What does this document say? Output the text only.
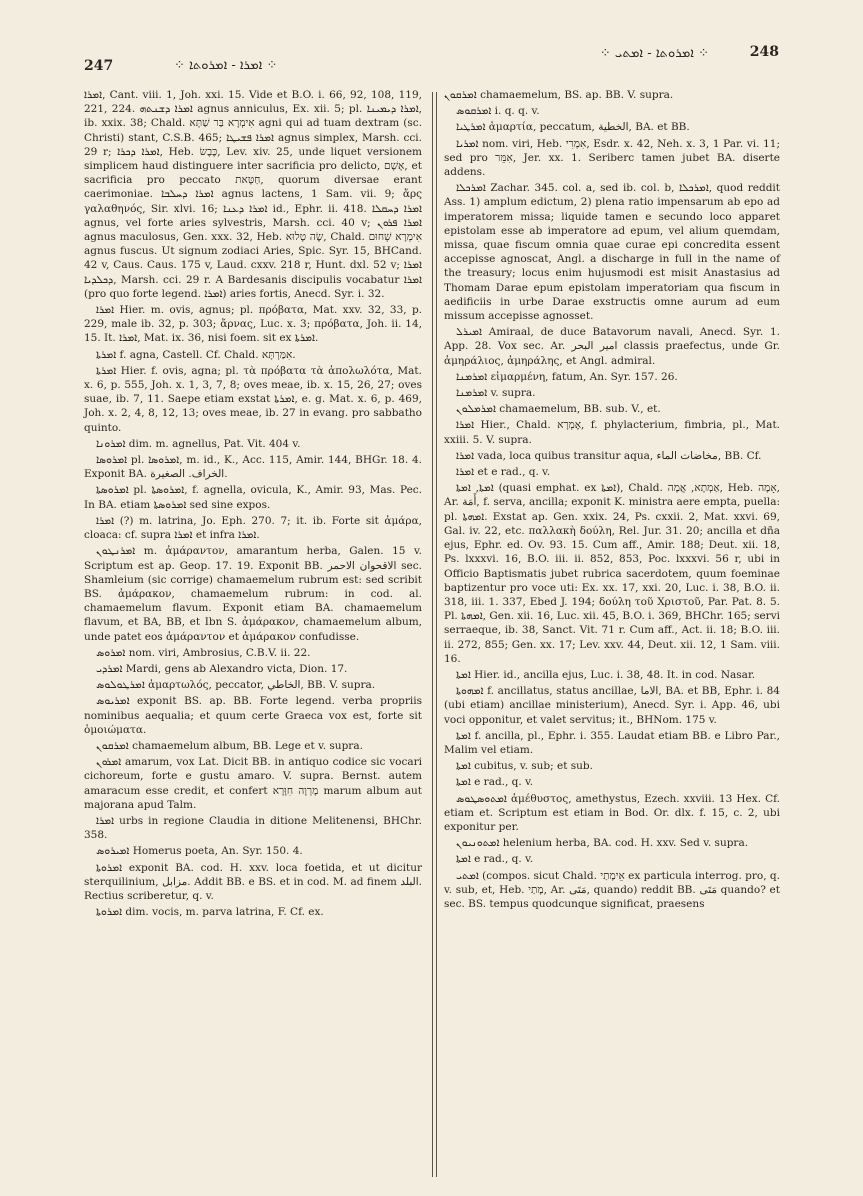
247	⁘ ܐܡܪܐ - ܐܡܪܘܬܐ ⁘
⁘ ܐܡܪܘܬܐ - ܐܡܬܝ ⁘	248

ܐܡܪܐ, Cant. viii. 1, Joh. xxi. 15. Vide et B.O. i. 66, 92, 108, 119, 221, 224. ܐܡܪܐ ܕܫܢܬܗ agnus anniculus, Ex. xii. 5; pl. ܐܡܪܐ ܕܝܡܝܢܐ, ib. xxix. 38; Chald. אִימְרָא בַּר שַׁתָּא agni qui ad tuam dextram (sc. Christi) stant, C.S.B. 465; ܐܡܪܐ ܦܫܝܛܐ agnus simplex, Marsh. cci. 29 r; ܐܡܪܐ ܕܟܪܐ, Heb. כֶּבֶשׂ, Lev. xiv. 25, unde liquet versionem simplicem haud distinguere inter sacrificia pro delicto, אָשָׁם, et sacrificia pro peccato חַטָּאת, quorum diversae erant caerimoniae. ܐܡܪܐ ܕܚܠܒܐ agnus lactens, 1 Sam. vii. 9; ἄρς γαλαθηνός, Sir. xlvi. 16; ܐܡܪܐ ܕܥܢܐ id., Ephr. ii. 418. ܐܡܪܐ ܕܚܩܠܐ agnus, vel forte aries sylvestris, Marsh. cci. 40 v; ܐܡܪܐ ܦܪܘܢ agnus maculosus, Gen. xxx. 32, Heb. שֶׂה טָלוּא, Chald. אִימְרָא שְׁחוּם agnus fuscus. Ut signum zodiaci Aries, Spic. Syr. 15, BHCand. 42 v, Caus. Caus. 175 v, Laud. cxxv. 218 r, Hunt. dxl. 52 v; ܐܡܪܐ ܕܟܠܕܝܐ, Marsh. cci. 29 r. A Bardesanis discipulis vocabatur ܐܡܪܐ (pro quo forte legend. ܐܡܪܐ) aries fortis, Anecd. Syr. i. 32.

ܐܡܪܐ Hier. m. ovis, agnus; pl. πρόβατα, Mat. xxv. 32, 33, p. 229, male ib. 32, p. 303; ἄρνας, Luc. x. 3; πρόβατα, Joh. ii. 14, 15. It. ܐܡܪܐ, Mat. ix. 36, nisi foem. sit ex ܐܡܪܬܐ.

ܐܡܪܬܐ f. agna, Castell. Cf. Chald. אִמַּרְתָּא.

ܐܡܪܬܐ Hier. f. ovis, agna; pl. τὰ πρόβατα τὰ ἀπολωλότα, Mat. x. 6, p. 555, Joh. x. 1, 3, 7, 8; oves meae, ib. x. 15, 26, 27; oves suae, ib. 7, 11. Saepe etiam exstat ܐܡܪܬܐ, e. g. Mat. x. 6, p. 469, Joh. x. 2, 4, 8, 12, 13; oves meae, ib. 27 in evang. pro sabbatho quinto.

ܐܡܪܘܢܐ dim. m. agnellus, Pat. Vit. 404 v.

ܐܡܪܘܣܐ pl. ܐܡܪܘܣܐ, m. id., K., Acc. 115, Amir. 144, BHGr. 18. 4. Exponit BA. الخراف. الصغيرة.

ܐܡܪܘܣܬܐ pl. ܐܡܪܘܣܬܐ, f. agnella, ovicula, K., Amir. 93, Mas. Pec. In BA. etiam ܐܡܪܘܣܬܐ sed sine expos.

ܐܡܪܐ (?) m. latrina, Jo. Eph. 270. 7; it. ib. Forte sit ἀμάρα, cloaca: cf. supra ܐܡܪܐ et infra ܐܡܪܐ.

ܐܡܪܢܛܘܢ m. ἀμάραντον, amarantum herba, Galen. 15 v. Scriptum est ap. Geop. 17. 19. Exponit BB. الاقحوان الاحمر sec. Shamleium (sic corrige) chamaemelum rubrum est: sed scribit BS. ἀμάρακον, chamaemelum rubrum: in cod. al. chamaemelum flavum. Exponit etiam BA. chamaemelum flavum, et BA, BB, et Ibn S. ἀμάρακον, chamaemelum album, unde patet eos ἀμάραντον et ἀμάρακον confudisse.

ܐܡܪܘܣ nom. viri, Ambrosius, C.B.V. ii. 22.

ܐܡܪܕܝ Mardi, gens ab Alexandro victa, Dion. 17.

ܐܡܪܛܘܠܘܣ ἁμαρτωλός, peccator, الخاطي, BB. V. supra.

ܐܡܪܝܘܣ exponit BS. ap. BB. Forte legend. verba propriis nominibus aequalia; et quum certe Graeca vox est, forte sit ὁμοιώματα.

ܐܡܪܩܘܢ chamaemelum album, BB. Lege et v. supra.

ܐܡܪܘܢ amarum, vox Lat. Dicit BB. in antiquo codice sic vocari cichoreum, forte e gustu amaro. V. supra. Bernst. autem amaracum esse credit, et confert מָרְוָה חִוָּרָא marum album aut majorana apud Talm.

ܐܡܪܐ urbs in regione Claudia in ditione Melitenensi, BHChr. 358.

ܐܡܝܪܘܣ Homerus poeta, An. Syr. 150. 4.

ܐܡܪܘܬܐ exponit BA. cod. H. xxv. loca foetida, et ut dicitur sterquilinium, مزابل. Addit BB. e BS. et in cod. M. ad finem البلد. Rectius scriberetur, q. v.

ܐܡܪܘܬܐ dim. vocis, m. parva latrina, F. Cf. ex.

ܐܡܪܩܘܢ chamaemelum, BS. ap. BB. V. supra.

ܐܡܪܩܘܣ i. q. q. v.

ܐܡܪܛܝܐ ἁμαρτία, peccatum, الخطية, BA. et BB.

ܐܡܪܝܐ nom. viri, Heb. אִמְרִי, Esdr. x. 42, Neh. x. 3, 1 Par. vi. 11; sed pro אִמֵּר, Jer. xx. 1. Seriberc tamen jubet BA. diserte addens.

ܐܡܪܟܠܐ Zachar. 345. col. a, sed ib. col. b, ܐܡܪܟܠܐ, quod reddit Ass. 1) amplum edictum, 2) plena ratio impensarum ab epo ad imperatorem missa; liquide tamen e secundo loco apparet epistolam esse ab imperatore ad epum, vel alium quemdam, missa, quae fiscum omnia quae curae epi concredita essent accepisse agnoscat, Angl. a discharge in full in the name of the treasury; locus enim hujusmodi est misit Anastasius ad Thomam Darae epum epistolam imperatoriam qua fiscum in aedificiis in urbe Darae exstructis omne aurum ad eum missum accepisse agnosset.

ܐܡܝܪܠ Amiraal, de duce Batavorum navali, Anecd. Syr. 1. App. 28. Vox sec. Ar. امير البحر classis praefectus, unde Gr. ἀμηράλιος, ἀμηράλης, et Angl. admiral.

ܐܡܪܡܢܐ εἱμαρμένη, fatum, An. Syr. 157. 26.

ܐܡܪܡܢܐ v. supra.

ܐܡܪܡܠܘܢ chamaemelum, BB. sub. V., et.

ܐܡܪܐ Hier., Chald. אֶמְרָא, f. phylacterium, fimbria, pl., Mat. xxiii. 5. V. supra.

ܐܡܪܐ vada, loca quibus transitur aqua, مخاضات الماء, BB. Cf.

ܐܡܪܐ et e rad., q. v.

ܐܡܬܐ, ܐܡܬܐ (quasi emphat. ex ܐܡܬܐ), Chald. אַמְתָא, אֲמָה, Heb. אָמָה, Ar. أَمَة, f. serva, ancilla; exponit K. ministra aere empta, puella: pl. ܐܡܗܬܐ. Exstat ap. Gen. xxix. 24, Ps. cxxii. 2, Mat. xxvi. 69, Gal. iv. 22, etc. παλλακὴ δούλη, Rel. Jur. 31. 20; ancilla et dña ejus, Ephr. ed. Ov. 93. 15. Cum aff., Amir. 188; Deut. xii. 18, Ps. lxxxvi. 16, B.O. iii. ii. 852, 853, Poc. lxxxvi. 56 r, ubi in Officio Baptismatis jubet rubrica sacerdotem, quum foeminae baptizentur pro voce uti: Ex. xx. 17, xxi. 20, Luc. i. 38, B.O. ii. 318, iii. 1. 337, Ebed J. 194; δούλη τοῦ Χριστοῦ, Par. Pat. 8. 5. Pl. ܐܡܗܬܐ, Gen. xii. 16, Luc. xii. 45, B.O. i. 369, BHChr. 165; servi serraeque, ib. 38, Sanct. Vit. 71 r. Cum aff., Act. ii. 18; B.O. iii. ii. 272, 855; Gen. xx. 17; Lev. xxv. 44, Deut. xii. 12, 1 Sam. viii. 16.

ܐܡܬܐ Hier. id., ancilla ejus, Luc. i. 38, 48. It. in cod. Nasar.

ܐܡܗܘܬܐ f. ancillatus, status ancillae, الاما, BA. et BB, Ephr. i. 84 (ubi etiam) ancillae ministerium), Anecd. Syr. i. App. 46, ubi voci opponitur, et valet servitus; it., BHNom. 175 v.

ܐܡܬܐ f. ancilla, pl., Ephr. i. 355. Laudat etiam BB. e Libro Par., Malim vel etiam.

ܐܡܬܐ cubitus, v. sub; et sub.

ܐܡܬܐ e rad., q. v.

ܐܡܬܘܣܛܘܣ ἀμέθυστος, amethystus, Ezech. xxviii. 13 Hex. Cf. etiam et. Scriptum est etiam in Bod. Or. dlx. f. 15, c. 2, ubi exponitur per.

ܐܡܬܘܢܝܘܢ helenium herba, BA. cod. H. xxv. Sed v. supra.

ܐܡܬܐ e rad., q. v.

ܐܡܬܝ (compos. sicut Chald. אֵימָתַי ex particula interrog. pro, q. v. sub, et, Heb. מָתַי, Ar. مَتَى, quando) reddit BB. مَتَى quando? et sec. BS. tempus quodcunque significat, praesens
